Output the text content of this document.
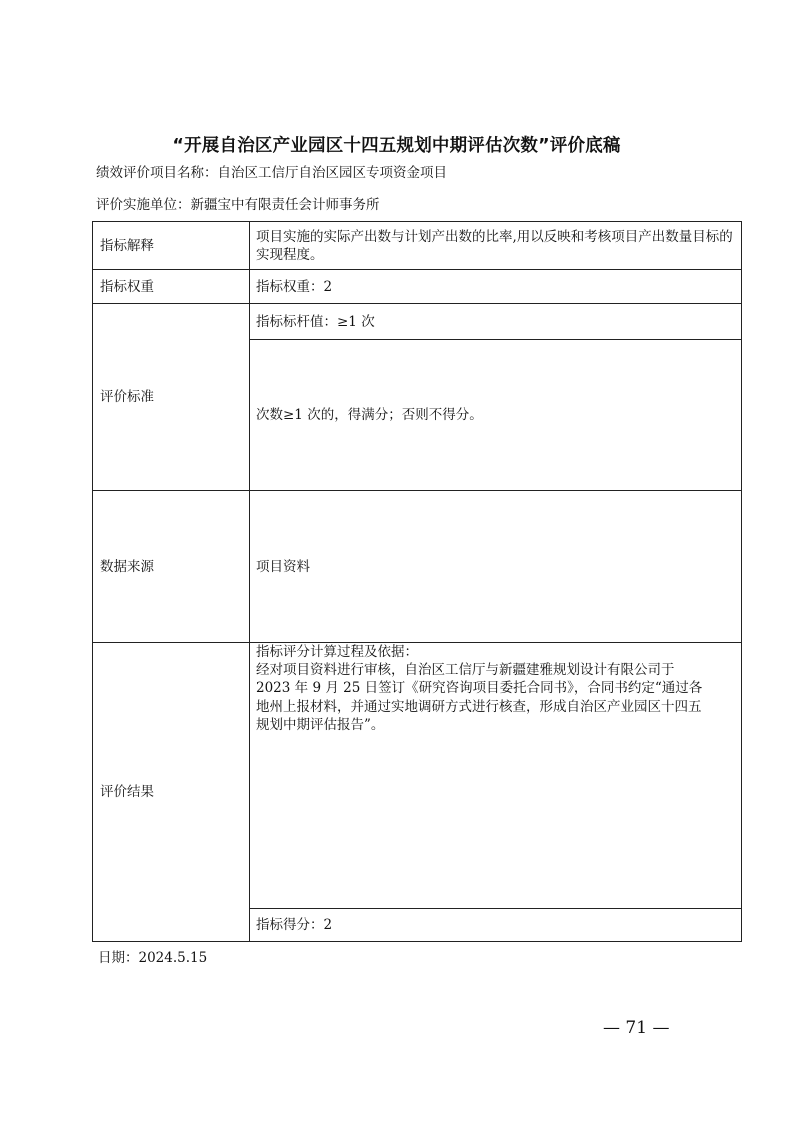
“开展自治区产业园区十四五规划中期评估次数”评价底稿
绩效评价项目名称：自治区工信厅自治区园区专项资金项目
评价实施单位：新疆宝中有限责任会计师事务所
指标解释	项目实施的实际产出数与计划产出数的比率,用以反映和考核项目产出数量目标的实现程度。
指标权重	指标权重：2
评价标准	指标标杆值：≥1 次
	次数≥1 次的，得满分；否则不得分。
数据来源	项目资料
评价结果	指标评分计算过程及依据：
经对项目资料进行审核，自治区工信厅与新疆建雅规划设计有限公司于
2023 年 9 月 25 日签订《研究咨询项目委托合同书》，合同书约定“通过各
地州上报材料，并通过实地调研方式进行核查，形成自治区产业园区十四五
规划中期评估报告”。

	指标得分：2
日期：2024.5.15
— 71 —
